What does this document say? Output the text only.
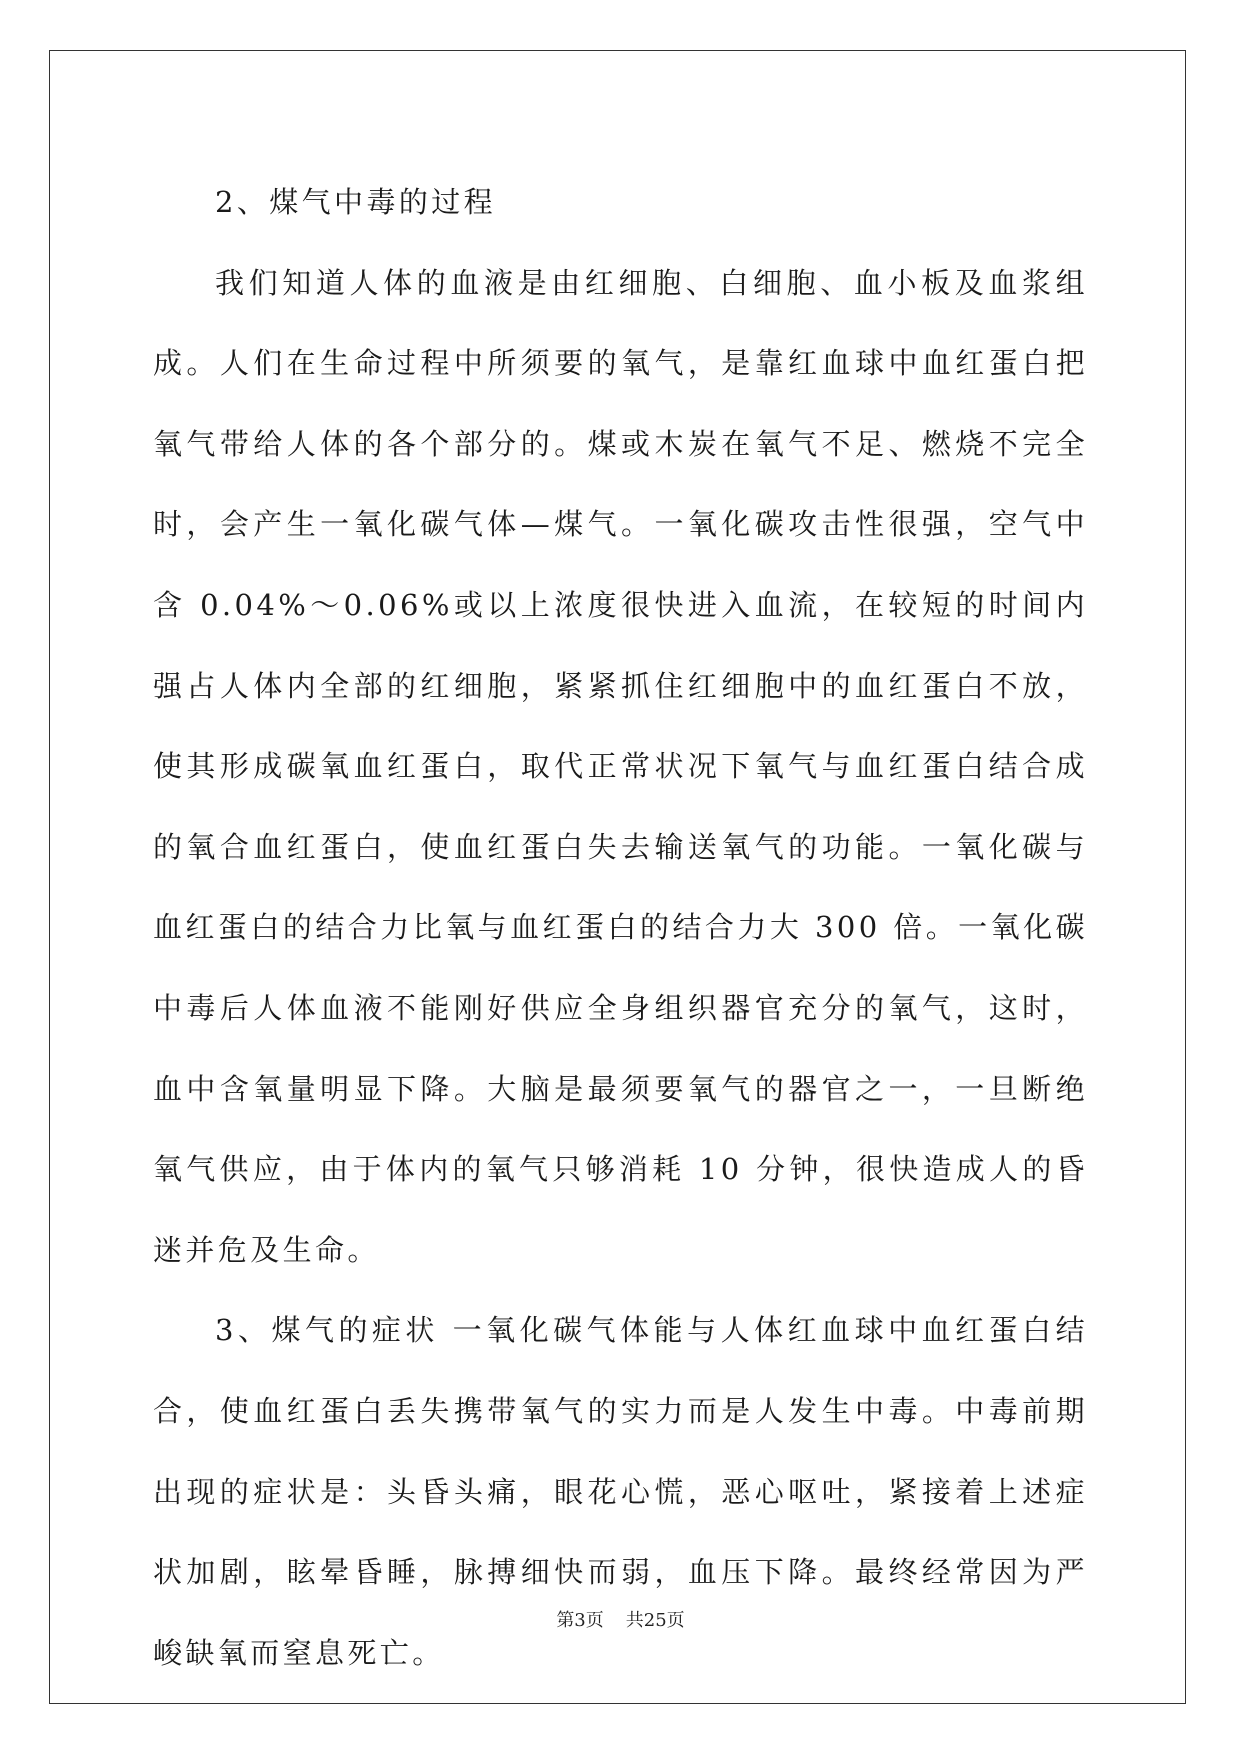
2、煤气中毒的过程

我们知道人体的血液是由红细胞、白细胞、血小板及血浆组成。人们在生命过程中所须要的氧气，是靠红血球中血红蛋白把氧气带给人体的各个部分的。煤或木炭在氧气不足、燃烧不完全时，会产生一氧化碳气体—煤气。一氧化碳攻击性很强，空气中含 0.04%～0.06%或以上浓度很快进入血流，在较短的时间内强占人体内全部的红细胞，紧紧抓住红细胞中的血红蛋白不放，使其形成碳氧血红蛋白，取代正常状况下氧气与血红蛋白结合成的氧合血红蛋白，使血红蛋白失去输送氧气的功能。一氧化碳与血红蛋白的结合力比氧与血红蛋白的结合力大 300 倍。一氧化碳中毒后人体血液不能刚好供应全身组织器官充分的氧气，这时，血中含氧量明显下降。大脑是最须要氧气的器官之一，一旦断绝氧气供应，由于体内的氧气只够消耗 10 分钟，很快造成人的昏迷并危及生命。

3、煤气的症状 一氧化碳气体能与人体红血球中血红蛋白结合，使血红蛋白丢失携带氧气的实力而是人发生中毒。中毒前期出现的症状是：头昏头痛，眼花心慌，恶心呕吐，紧接着上述症状加剧，眩晕昏睡，脉搏细快而弱，血压下降。最终经常因为严峻缺氧而窒息死亡。

第3页 共25页
